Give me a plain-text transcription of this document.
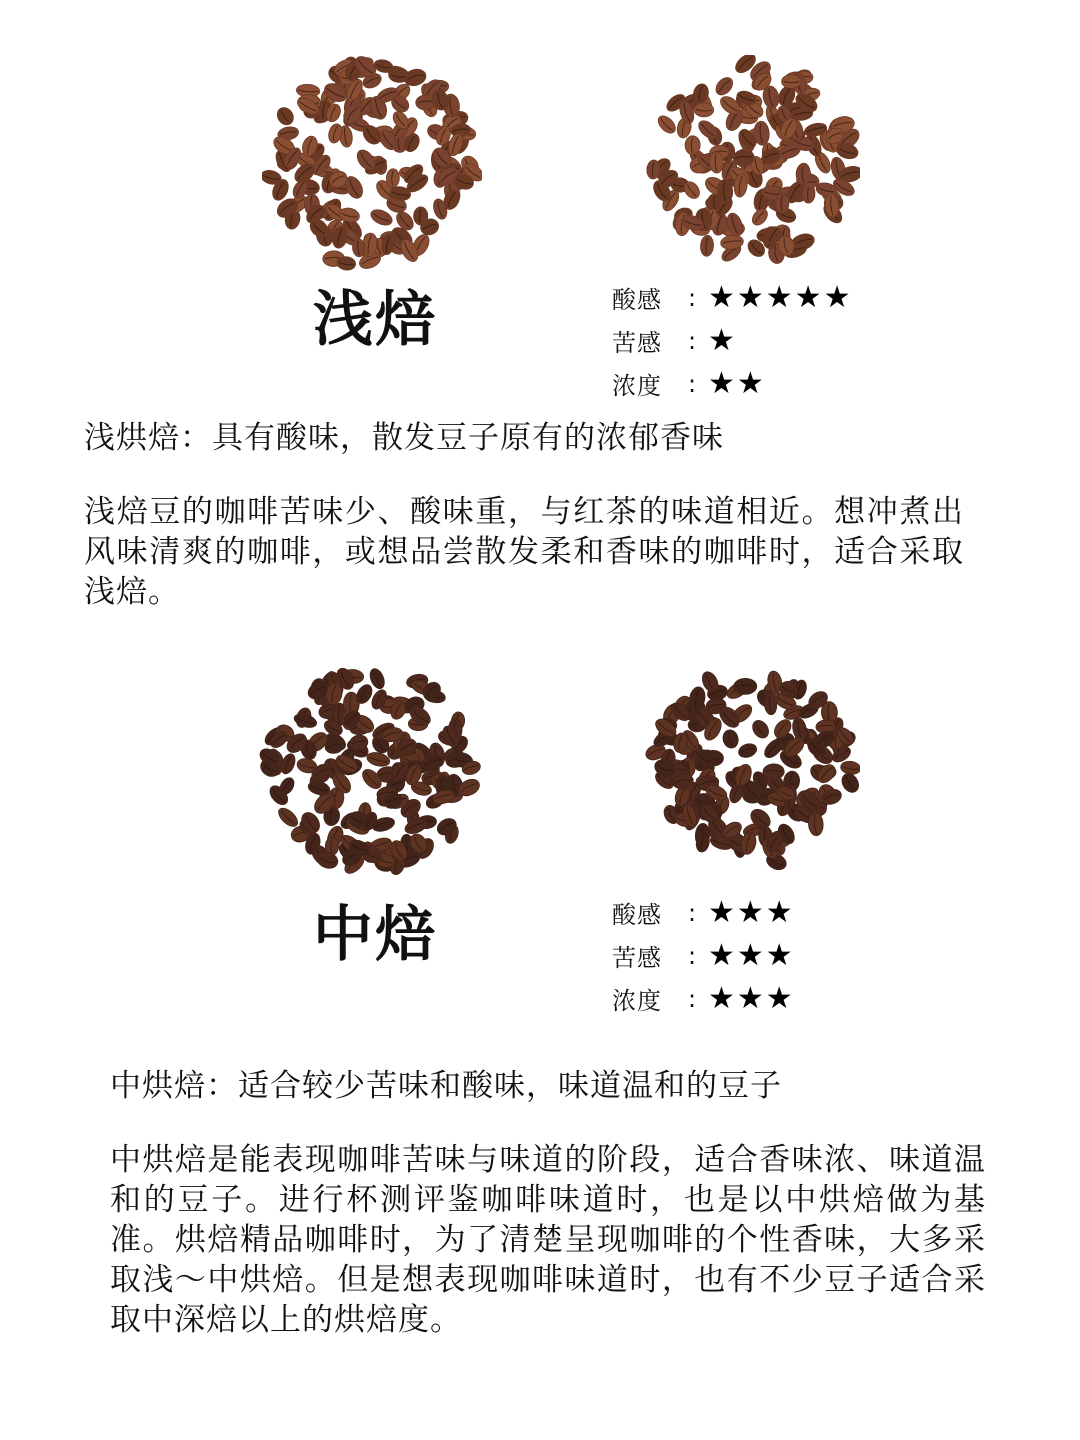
浅焙	酸感	: ★★★★★
苦感	: ★
浓度	: ★★
浅烘焙：具有酸味，散发豆子原有的浓郁香味

浅焙豆的咖啡苦味少、酸味重，与红茶的味道相近。想冲煮出风味清爽的咖啡，或想品尝散发柔和香味的咖啡时，适合采取浅焙。

中焙	酸感	: ★★★
苦感	: ★★★
浓度	: ★★★
中烘焙：适合较少苦味和酸味，味道温和的豆子

中烘焙是能表现咖啡苦味与味道的阶段，适合香味浓、味道温和的豆子。进行杯测评鉴咖啡味道时，也是以中烘焙做为基准。烘焙精品咖啡时，为了清楚呈现咖啡的个性香味，大多采取浅～中烘焙。但是想表现咖啡味道时，也有不少豆子适合采取中深焙以上的烘焙度。
